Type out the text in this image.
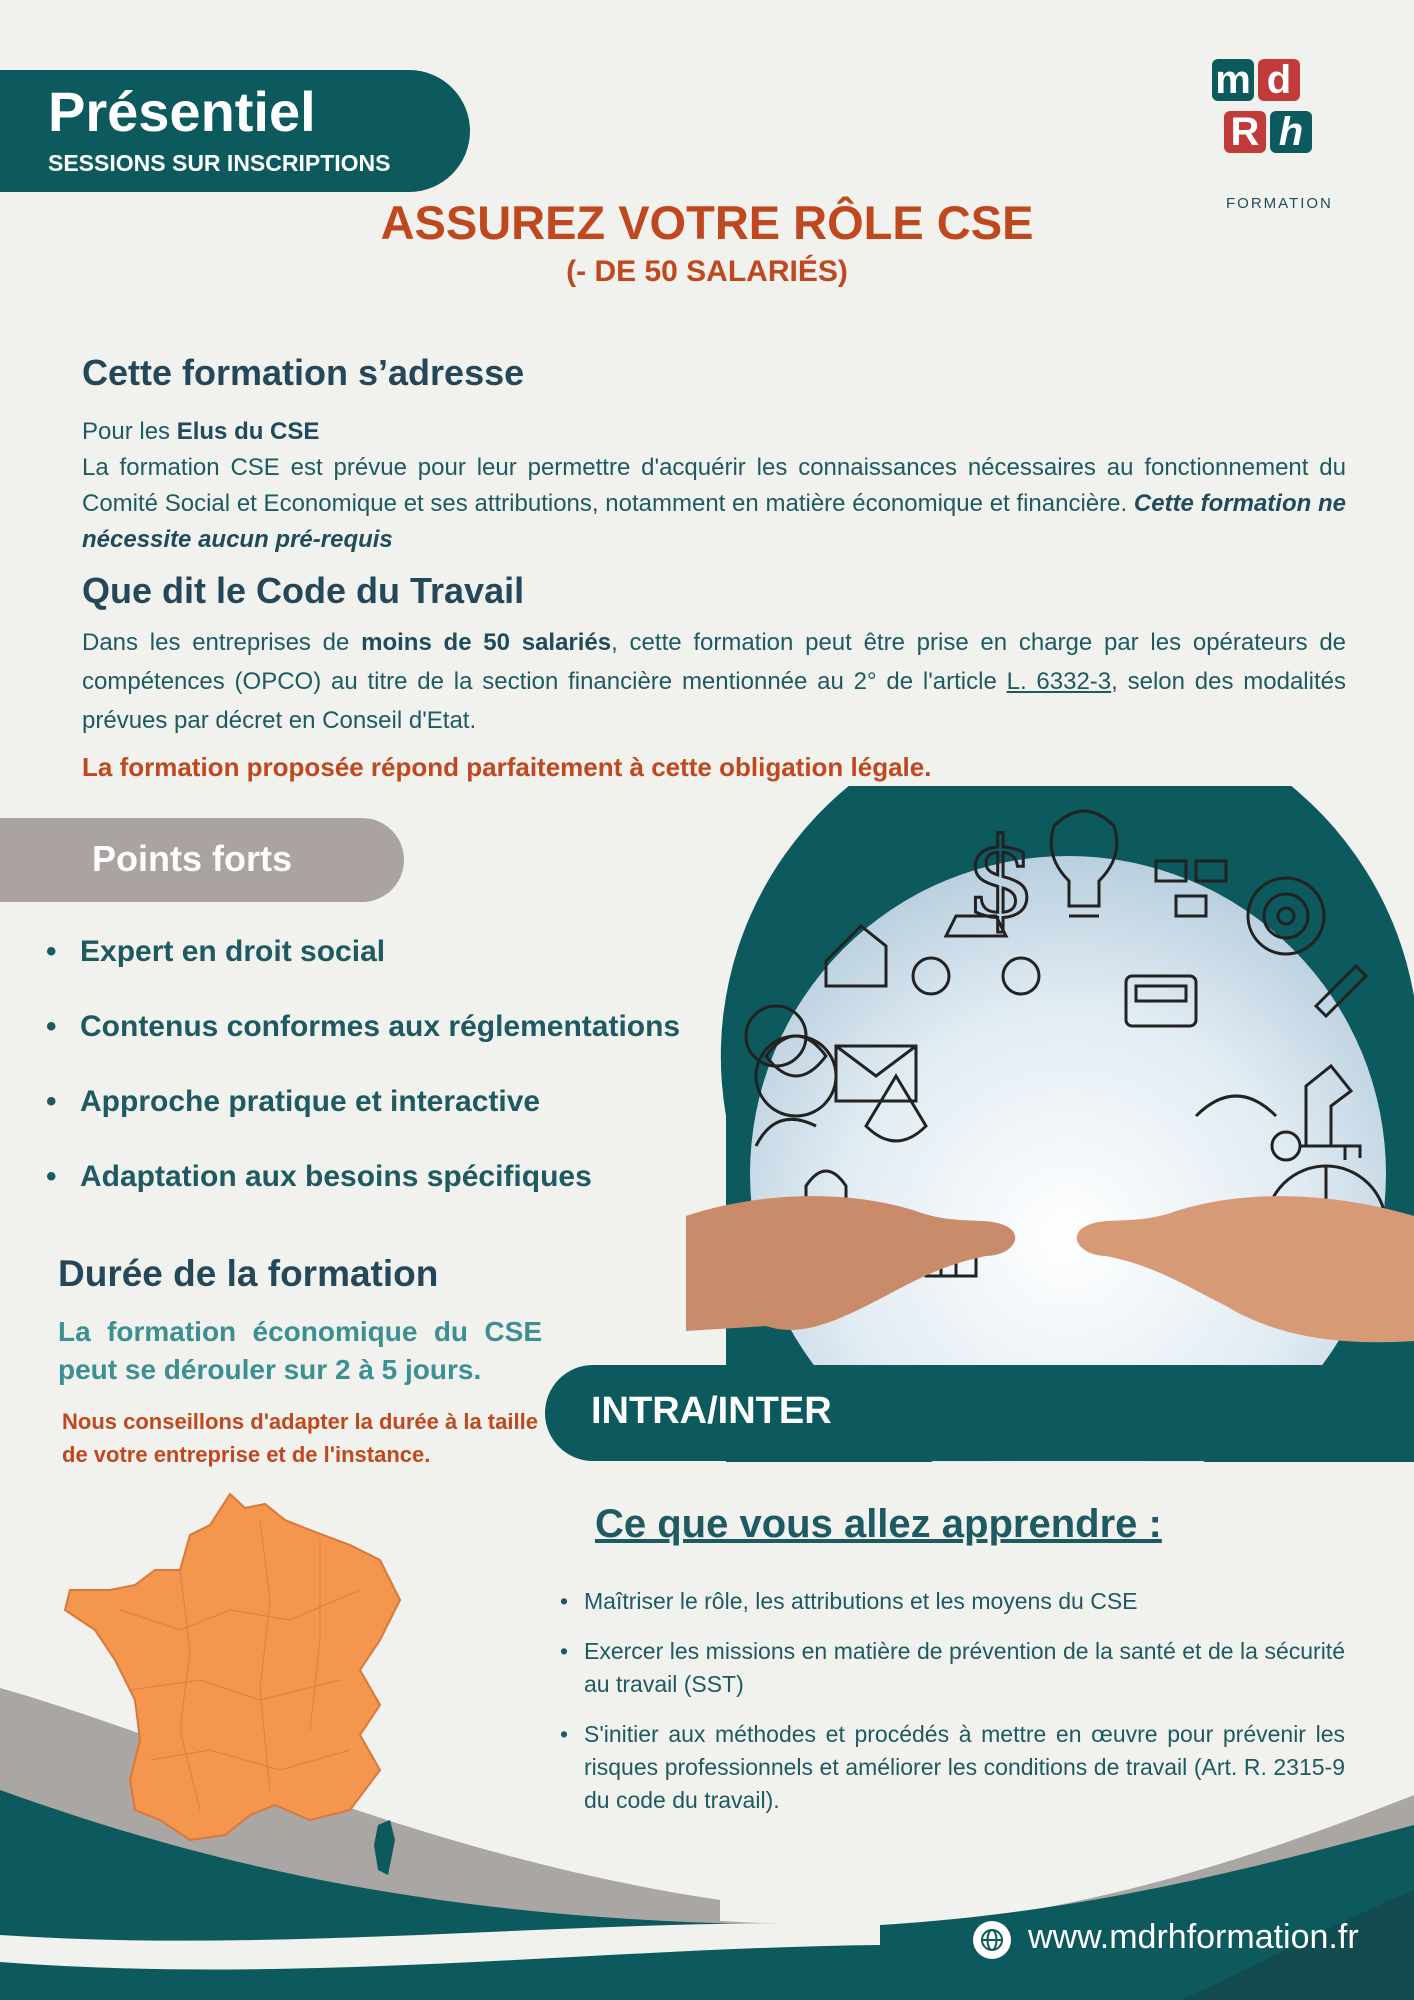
Présentiel
SESSIONS SUR INSCRIPTIONS
m d
R h
FORMATION
ASSUREZ VOTRE RÔLE CSE
(- DE 50 SALARIÉS)
Cette formation s’adresse
Pour les Elus du CSE
La formation CSE est prévue pour leur permettre d'acquérir les connaissances nécessaires au fonctionnement du Comité Social et Economique et ses attributions, notamment en matière économique et financière. Cette formation ne nécessite aucun pré-requis
Que dit le Code du Travail
Dans les entreprises de moins de 50 salariés, cette formation peut être prise en charge par les opérateurs de compétences (OPCO) au titre de la section financière mentionnée au 2° de l'article L. 6332-3, selon des modalités prévues par décret en Conseil d'Etat.
La formation proposée répond parfaitement à cette obligation légale.
Points forts
• Expert en droit social
• Contenus conformes aux réglementations
• Approche pratique et interactive
• Adaptation aux besoins spécifiques
$
Durée de la formation
La formation économique du CSE peut se dérouler sur 2 à 5 jours.
Nous conseillons d'adapter la durée à la taille de votre entreprise et de l'instance.
INTRA/INTER
Ce que vous allez apprendre :
• Maîtriser le rôle, les attributions et les moyens du CSE
• Exercer les missions en matière de prévention de la santé et de la sécurité au travail (SST)
• S'initier aux méthodes et procédés à mettre en œuvre pour prévenir les risques professionnels et améliorer les conditions de travail (Art. R. 2315-9 du code du travail).
www.mdrhformation.fr
